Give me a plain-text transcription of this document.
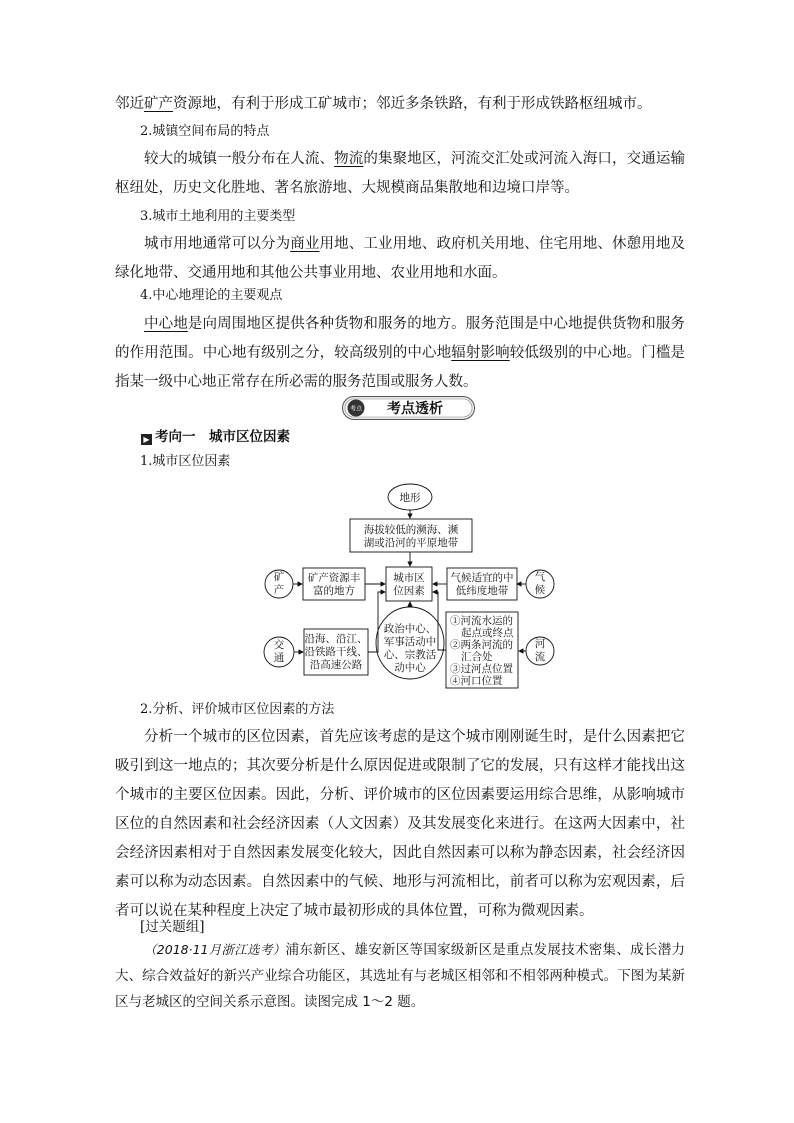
邻近矿产资源地，有利于形成工矿城市；邻近多条铁路，有利于形成铁路枢纽城市。

2.城镇空间布局的特点

较大的城镇一般分布在人流、物流的集聚地区，河流交汇处或河流入海口，交通运输枢纽处，历史文化胜地、著名旅游地、大规模商品集散地和边境口岸等。

3.城市土地利用的主要类型

城市用地通常可以分为商业用地、工业用地、政府机关用地、住宅用地、休憩用地及绿化地带、交通用地和其他公共事业用地、农业用地和水面。

4.中心地理论的主要观点

中心地是向周围地区提供各种货物和服务的地方。服务范围是中心地提供货物和服务的作用范围。中心地有级别之分，较高级别的中心地辐射影响较低级别的中心地。门槛是指某一级中心地正常存在所必需的服务范围或服务人数。

考点 考点透析
▶ 考向一　城市区位因素

1.城市区位因素

地形
海拔较低的濒海、濒
湖或沿河的平原地带
矿
产
矿产资源丰
富的地方
城市区
位因素
气候适宜的中
低纬度地带
气
候
交
通
沿海、沿江、
沿铁路干线、
沿高速公路
政治中心、
军事活动中
心、宗教活
动中心
①河流水运的
起点或终点
②两条河流的
汇合处
③过河点位置
④河口位置
河
流

2.分析、评价城市区位因素的方法

分析一个城市的区位因素，首先应该考虑的是这个城市刚刚诞生时，是什么因素把它吸引到这一地点的；其次要分析是什么原因促进或限制了它的发展，只有这样才能找出这个城市的主要区位因素。因此，分析、评价城市的区位因素要运用综合思维，从影响城市区位的自然因素和社会经济因素（人文因素）及其发展变化来进行。在这两大因素中，社会经济因素相对于自然因素发展变化较大，因此自然因素可以称为静态因素，社会经济因素可以称为动态因素。自然因素中的气候、地形与河流相比，前者可以称为宏观因素，后者可以说在某种程度上决定了城市最初形成的具体位置，可称为微观因素。

[过关题组]

（2018·11月浙江选考）浦东新区、雄安新区等国家级新区是重点发展技术密集、成长潜力大、综合效益好的新兴产业综合功能区，其选址有与老城区相邻和不相邻两种模式。下图为某新区与老城区的空间关系示意图。读图完成 1～2 题。
